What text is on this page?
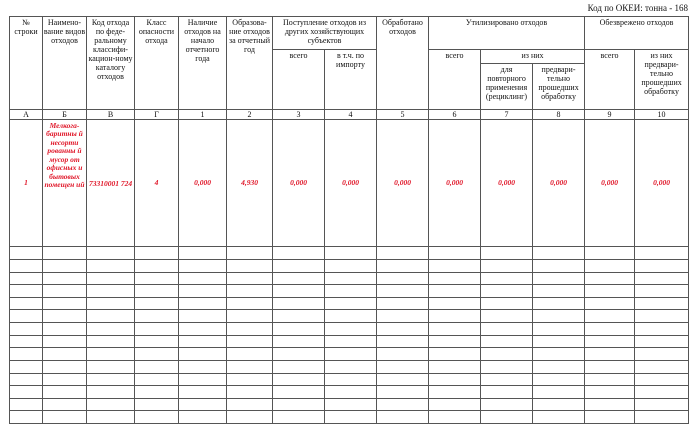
Код по ОКЕИ: тонна - 168
№ строки	Наимено-вание видов отходов	Код отхода по феде-ральному классифи-кацион-ному каталогу отходов	Класс опасности отхода	Наличие отходов на начало отчетного года	Образова-ние отходов за отчетный год	Поступление отходов из других хозяйствующих субъектов		Обработано отходов	Утилизировано отходов			Обезврежено отходов	
						всего	в т.ч. по импорту		всего	из них		всего	из них предвари-тельно прошедших обработку
										для повторного применения (рециклинг)	предвари-тельно прошедших обработку		
А	Б	В	Г	1	2	3	4	5	6	7	8	9	10
1	Мелкога-баритны й несорти рованны й мусор от офисных и бытовых помещен ий	73310001 724	4	0,000	4,930	0,000	0,000	0,000	0,000	0,000	0,000	0,000	0,000
